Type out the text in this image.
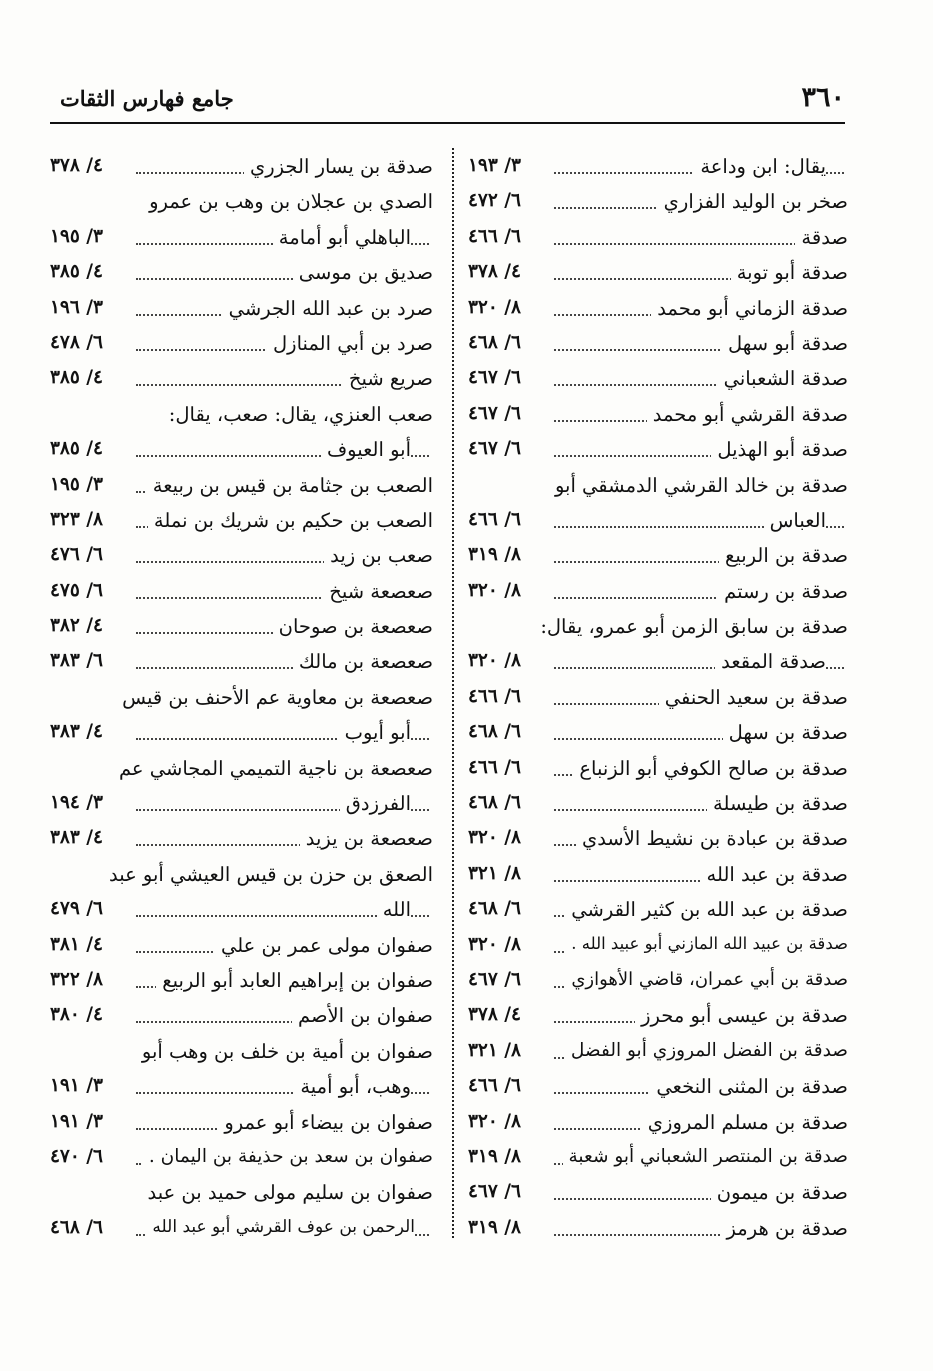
٣٦٠
جامع فهارس الثقات
يقال: ابن وداعة
٣/ ١٩٣
صخر بن الوليد الفزاري
٦/ ٤٧٢
صدقة
٦/ ٤٦٦
صدقة أبو توبة
٤/ ٣٧٨
صدقة الزماني أبو محمد
٨/ ٣٢٠
صدقة أبو سهل
٦/ ٤٦٨
صدقة الشعباني
٦/ ٤٦٧
صدقة القرشي أبو محمد
٦/ ٤٦٧
صدقة أبو الهذيل
٦/ ٤٦٧
صدقة بن خالد القرشي الدمشقي أبو
العباس
٦/ ٤٦٦
صدقة بن الربيع
٨/ ٣١٩
صدقة بن رستم
٨/ ٣٢٠
صدقة بن سابق الزمن أبو عمرو، يقال:
صدقة المقعد
٨/ ٣٢٠
صدقة بن سعيد الحنفي
٦/ ٤٦٦
صدقة بن سهل
٦/ ٤٦٨
صدقة بن صالح الكوفي أبو الزنباع
٦/ ٤٦٦
صدقة بن طيسلة
٦/ ٤٦٨
صدقة بن عبادة بن نشيط الأسدي
٨/ ٣٢٠
صدقة بن عبد الله
٨/ ٣٢١
صدقة بن عبد الله بن كثير القرشي
٦/ ٤٦٨
صدقة بن عبيد الله المازني أبو عبيد الله .
٨/ ٣٢٠
صدقة بن أبي عمران، قاضي الأهوازي
٦/ ٤٦٧
صدقة بن عيسى أبو محرز
٤/ ٣٧٨
صدقة بن الفضل المروزي أبو الفضل
٨/ ٣٢١
صدقة بن المثنى النخعي
٦/ ٤٦٦
صدقة بن مسلم المروزي
٨/ ٣٢٠
صدقة بن المنتصر الشعباني أبو شعبة
٨/ ٣١٩
صدقة بن ميمون
٦/ ٤٦٧
صدقة بن هرمز
٨/ ٣١٩
صدقة بن يسار الجزري
٤/ ٣٧٨
الصدي بن عجلان بن وهب بن عمرو
الباهلي أبو أمامة
٣/ ١٩٥
صديق بن موسى
٤/ ٣٨٥
صرد بن عبد الله الجرشي
٣/ ١٩٦
صرد بن أبي المنازل
٦/ ٤٧٨
صريع شيخ
٤/ ٣٨٥
صعب العنزي، يقال: صعب، يقال:
أبو العيوف
٤/ ٣٨٥
الصعب بن جثامة بن قيس بن ربيعة
٣/ ١٩٥
الصعب بن حكيم بن شريك بن نملة
٨/ ٣٢٣
صعب بن زيد
٦/ ٤٧٦
صعصعة شيخ
٦/ ٤٧٥
صعصعة بن صوحان
٤/ ٣٨٢
صعصعة بن مالك
٦/ ٣٨٣
صعصعة بن معاوية عم الأحنف بن قيس
أبو أيوب
٤/ ٣٨٣
صعصعة بن ناجية التميمي المجاشي عم
الفرزدق
٣/ ١٩٤
صعصعة بن يزيد
٤/ ٣٨٣
الصعق بن حزن بن قيس العيشي أبو عبد
الله
٦/ ٤٧٩
صفوان مولى عمر بن علي
٤/ ٣٨١
صفوان بن إبراهيم العابد أبو الربيع
٨/ ٣٢٢
صفوان بن الأصم
٤/ ٣٨٠
صفوان بن أمية بن خلف بن وهب أبو
وهب، أبو أمية
٣/ ١٩١
صفوان بن بيضاء أبو عمرو
٣/ ١٩١
صفوان بن سعد بن حذيفة بن اليمان .
٦/ ٤٧٠
صفوان بن سليم مولى حميد بن عبد
الرحمن بن عوف القرشي أبو عبد الله
٦/ ٤٦٨
